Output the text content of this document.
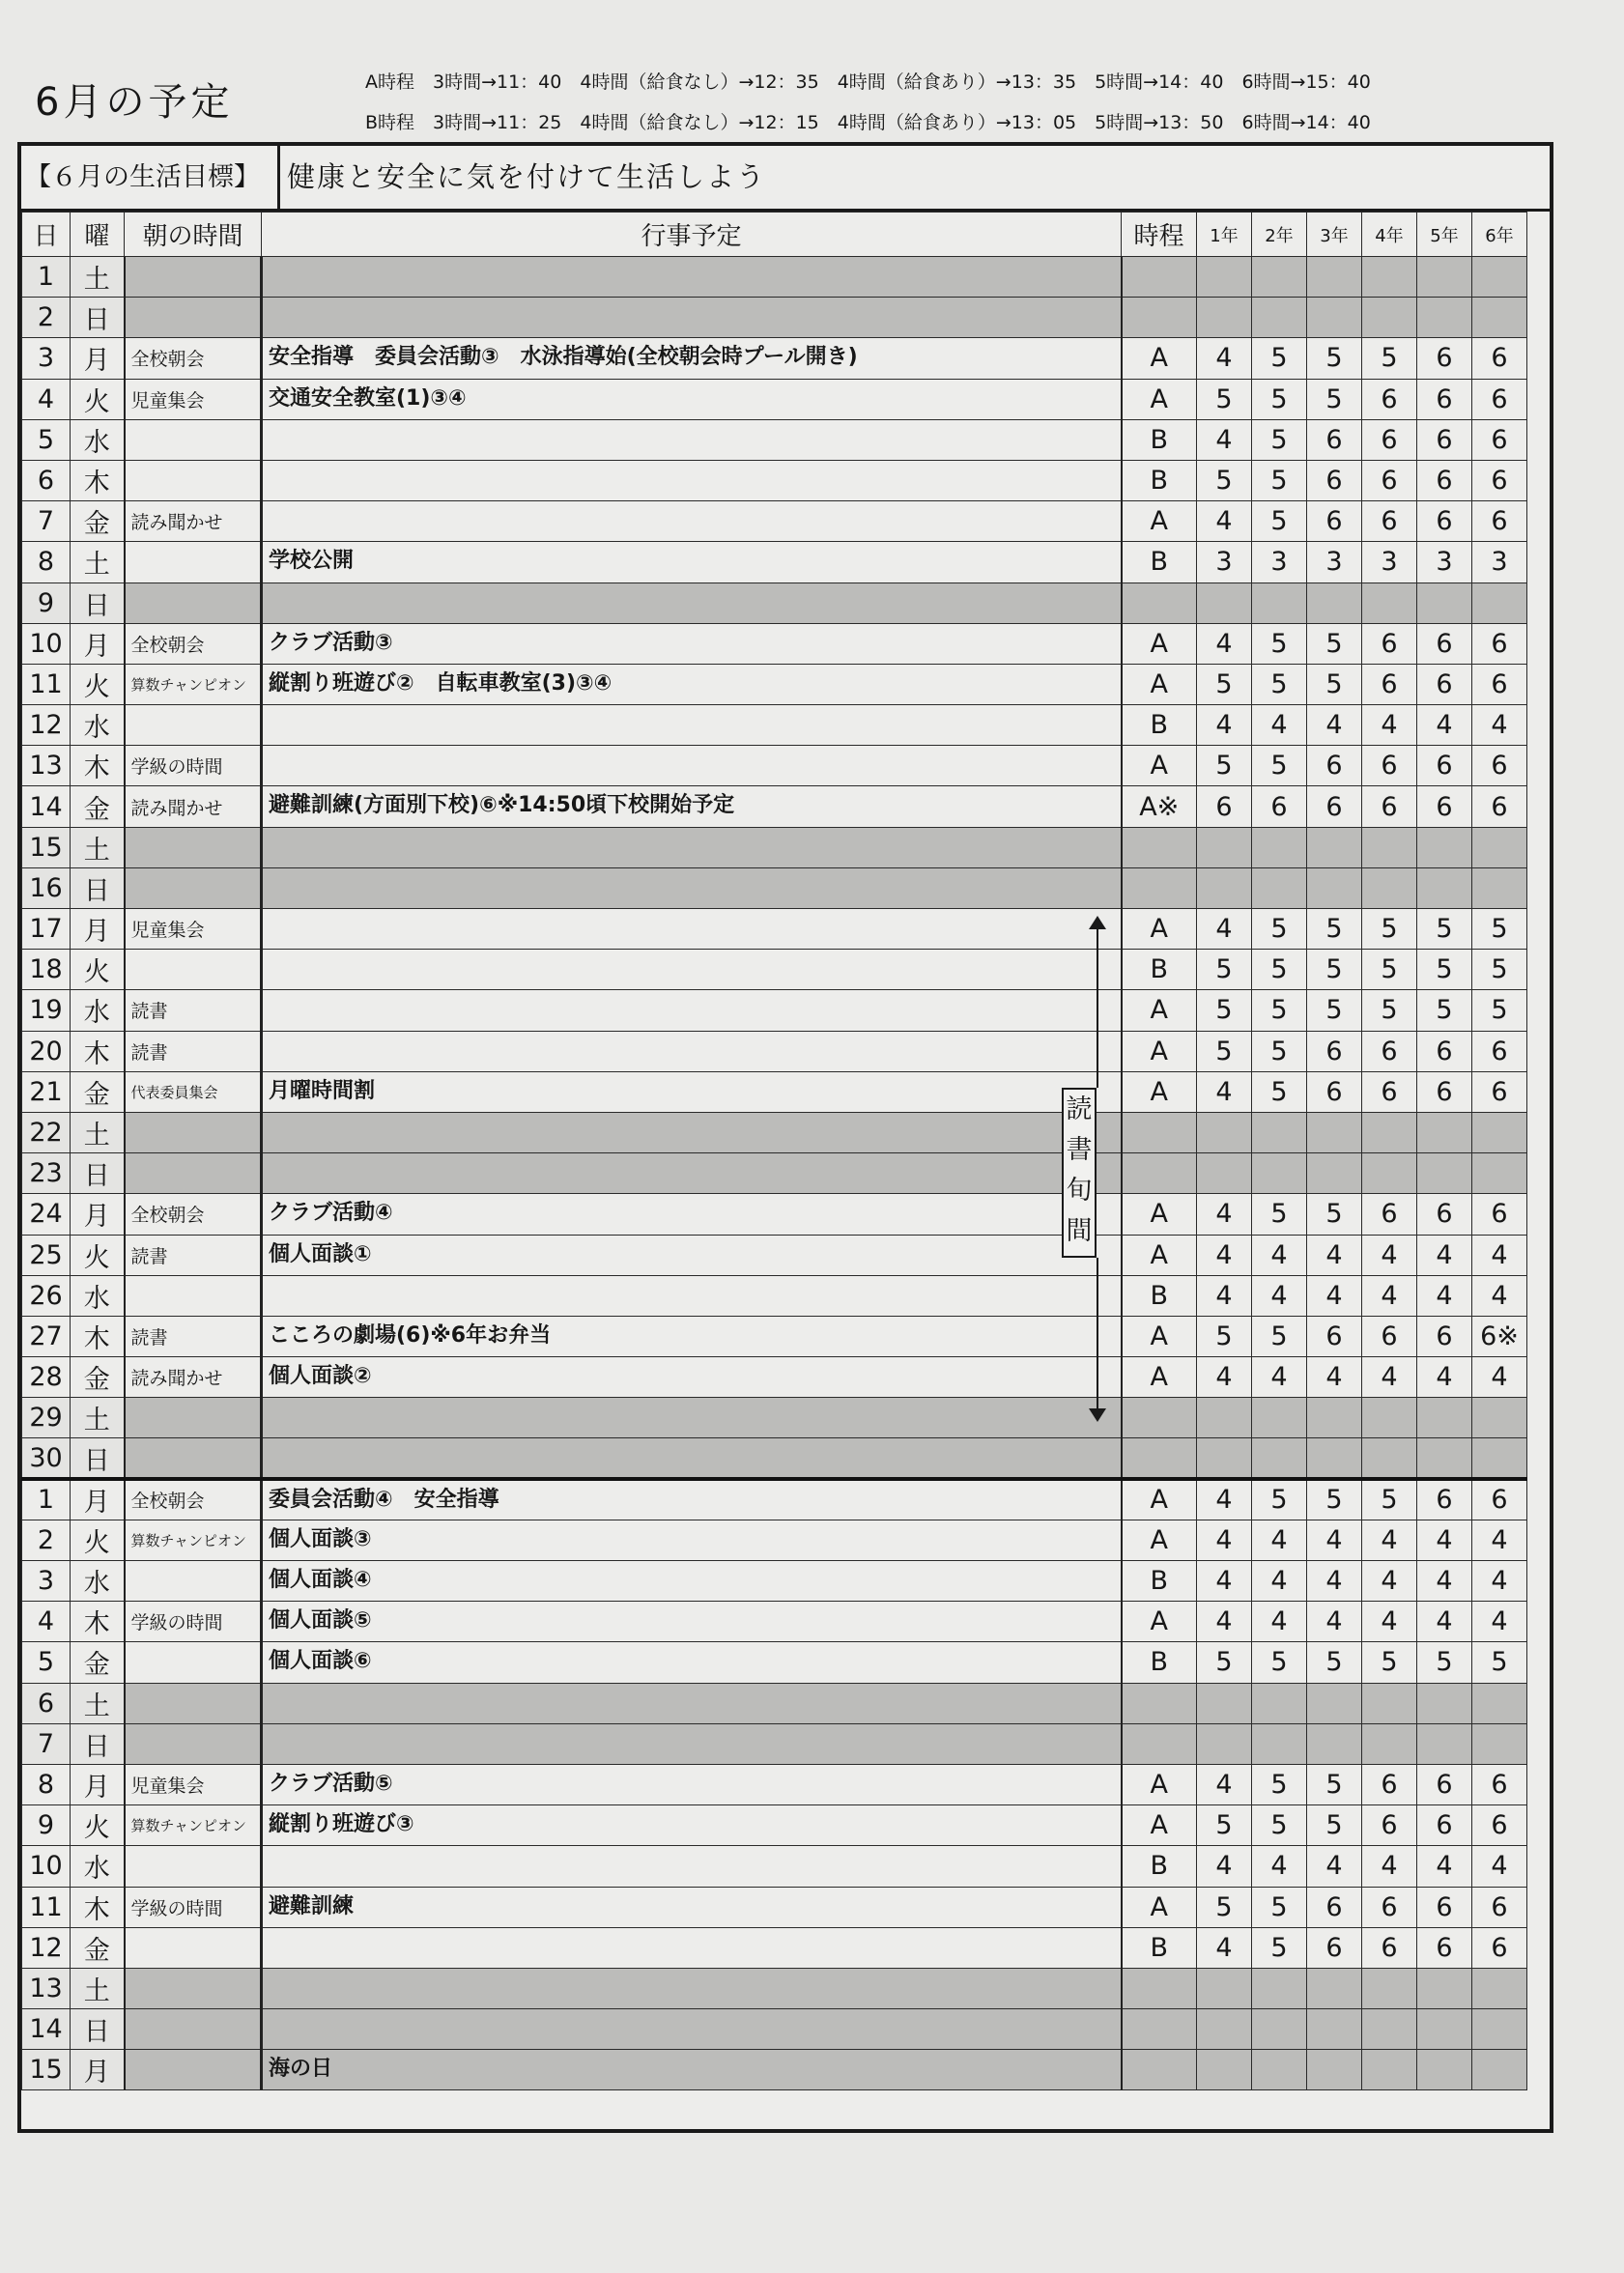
6月の予定	A時程　3時間→11：40　4時間（給食なし）→12：35　4時間（給食あり）→13：35　5時間→14：40　6時間→15：40
B時程　3時間→11：25　4時間（給食なし）→12：15　4時間（給食あり）→13：05　5時間→13：50　6時間→14：40
【６月の生活目標】 健康と安全に気を付けて生活しよう
日	曜	朝の時間	行事予定	時程	1年	2年	3年	4年	5年	6年
1	土									
2	日									
3	月	全校朝会	安全指導　委員会活動③　水泳指導始(全校朝会時プール開き)	A	4	5	5	5	6	6
4	火	児童集会	交通安全教室(1)③④	A	5	5	5	6	6	6
5	水			B	4	5	6	6	6	6
6	木			B	5	5	6	6	6	6
7	金	読み聞かせ		A	4	5	6	6	6	6
8	土		学校公開	B	3	3	3	3	3	3
9	日									
10	月	全校朝会	クラブ活動③	A	4	5	5	6	6	6
11	火	算数チャンピオン	縦割り班遊び②　自転車教室(3)③④	A	5	5	5	6	6	6
12	水			B	4	4	4	4	4	4
13	木	学級の時間		A	5	5	6	6	6	6
14	金	読み聞かせ	避難訓練(方面別下校)⑥※14:50頃下校開始予定	A※	6	6	6	6	6	6
15	土									
16	日									
17	月	児童集会		A	4	5	5	5	5	5
18	火			B	5	5	5	5	5	5
19	水	読書		A	5	5	5	5	5	5
20	木	読書		A	5	5	6	6	6	6
21	金	代表委員集会	月曜時間割	A	4	5	6	6	6	6
22	土									
23	日									
24	月	全校朝会	クラブ活動④	A	4	5	5	6	6	6
25	火	読書	個人面談①	A	4	4	4	4	4	4
26	水			B	4	4	4	4	4	4
27	木	読書	こころの劇場(6)※6年お弁当	A	5	5	6	6	6	6※
28	金	読み聞かせ	個人面談②	A	4	4	4	4	4	4
29	土									
30	日									
1	月	全校朝会	委員会活動④　安全指導	A	4	5	5	5	6	6
2	火	算数チャンピオン	個人面談③	A	4	4	4	4	4	4
3	水		個人面談④	B	4	4	4	4	4	4
4	木	学級の時間	個人面談⑤	A	4	4	4	4	4	4
5	金		個人面談⑥	B	5	5	5	5	5	5
6	土									
7	日									
8	月	児童集会	クラブ活動⑤	A	4	5	5	6	6	6
9	火	算数チャンピオン	縦割り班遊び③	A	5	5	5	6	6	6
10	水			B	4	4	4	4	4	4
11	木	学級の時間	避難訓練	A	5	5	6	6	6	6
12	金			B	4	5	6	6	6	6
13	土									
14	日									
15	月		海の日							
読
書
旬
間
